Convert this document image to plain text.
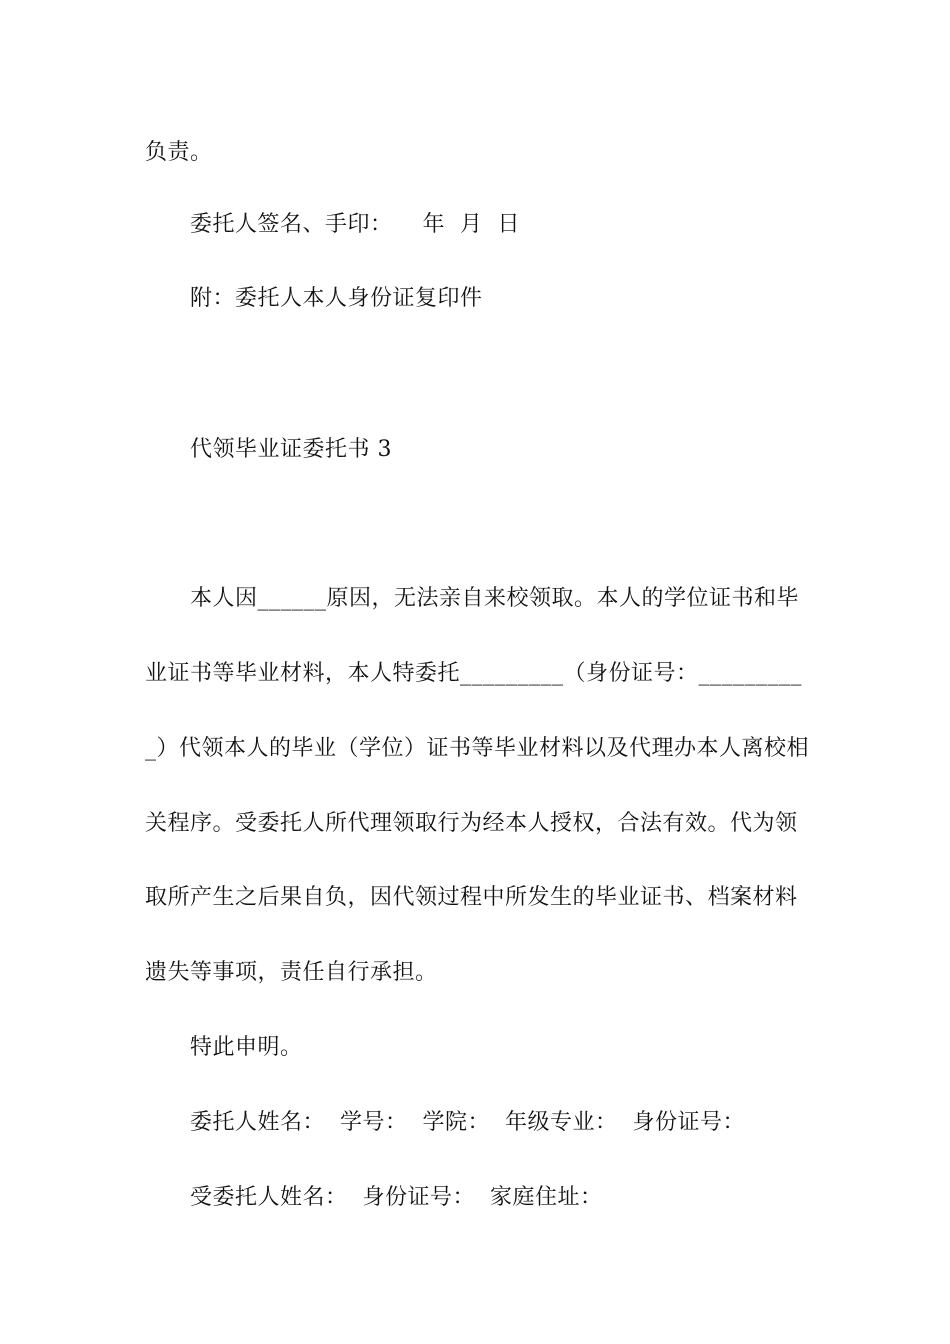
负责。
委托人签名、手印：    年  月  日
附：委托人本人身份证复印件
代领毕业证委托书 3
本人因______原因，无法亲自来校领取。本人的学位证书和毕
业证书等毕业材料，本人特委托_________（身份证号：_________
_）代领本人的毕业（学位）证书等毕业材料以及代理办本人离校相
关程序。受委托人所代理领取行为经本人授权，合法有效。代为领
取所产生之后果自负，因代领过程中所发生的毕业证书、档案材料
遗失等事项，责任自行承担。
特此申明。
委托人姓名：  学号：  学院：  年级专业：  身份证号：
受委托人姓名：  身份证号：  家庭住址：
